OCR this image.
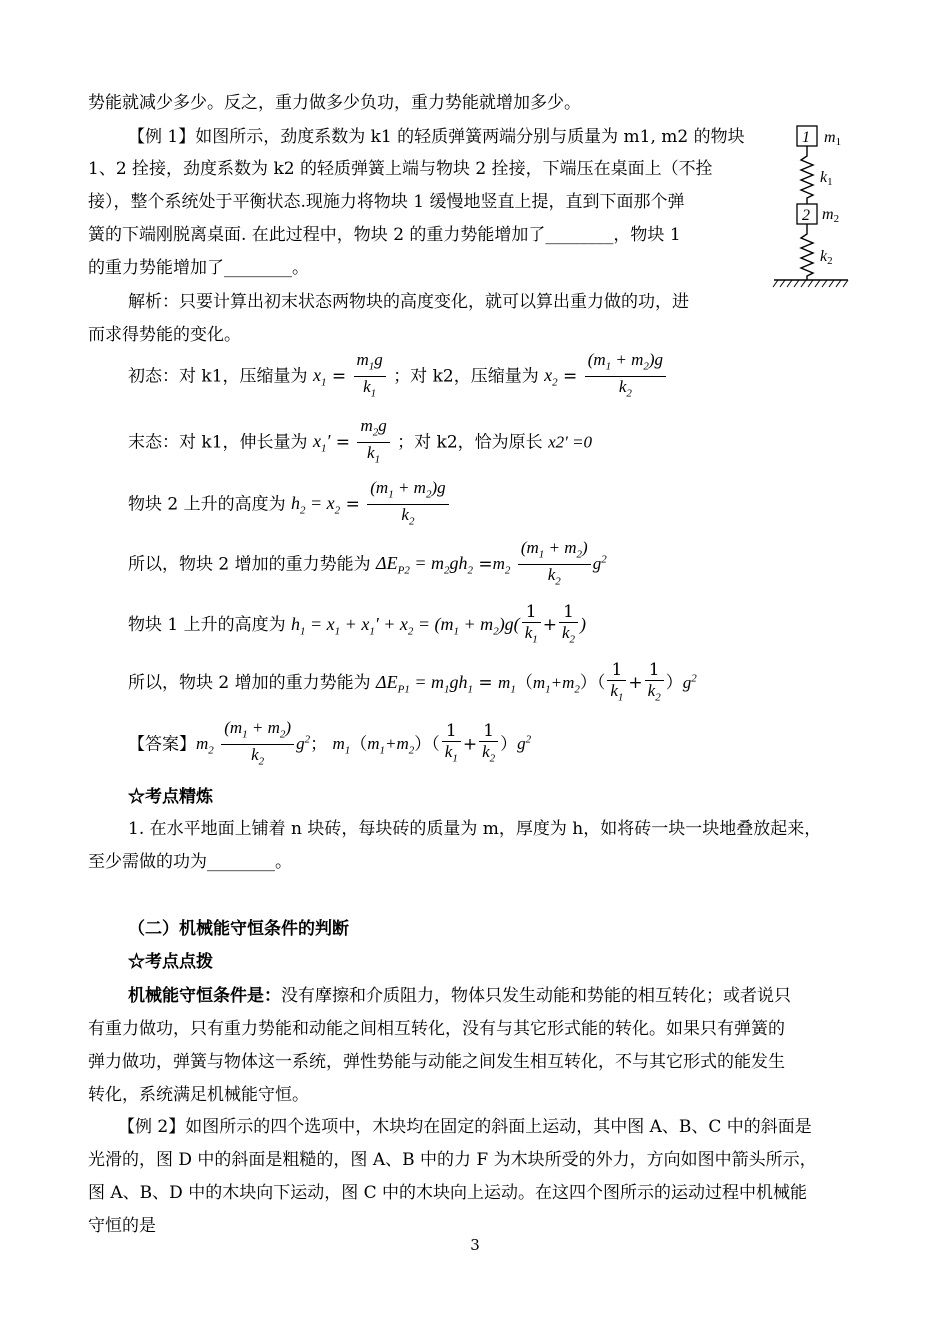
势能就减少多少。反之，重力做多少负功，重力势能就增加多少。
【例 1】如图所示，劲度系数为 k1 的轻质弹簧两端分别与质量为 m1, m2 的物块
1、2 拴接，劲度系数为 k2 的轻质弹簧上端与物块 2 拴接，下端压在桌面上（不拴
接），整个系统处于平衡状态.现施力将物块 1 缓慢地竖直上提，直到下面那个弹
簧的下端刚脱离桌面. 在此过程中，物块 2 的重力势能增加了________，物块 1
的重力势能增加了________。
1 m1
k1
2 m2
k2
解析：只要计算出初末状态两物块的高度变化，就可以算出重力做的功，进
而求得势能的变化。
初态：对 k1，压缩量为 $x_1 = \frac{m_1g}{k_1}$ ；对 k2，压缩量为 $x_2 = \frac{(m_1 + m_2)g}{k_2}$
末态：对 k1，伸长量为 $x_1' = \frac{m_2g}{k_1}$ ；对 k2，恰为原长 x2′ =0
物块 2 上升的高度为 $h_2 = x_2 = \frac{(m_1 + m_2)g}{k_2}$
所以，物块 2 增加的重力势能为 $\Delta E_{P2} = m_2gh_2 =m_2 \frac{(m_1 + m_2)}{k_2} g^2$
物块 1 上升的高度为 $h_1 = x_1 + x_1' + x_2 = (m_1 + m_2)g( \frac{1}{k_1} + \frac{1}{k_2}$ )
所以，物块 2 增加的重力势能为 $\Delta E_{P1} = m_1gh_1 = m_1(m_1+m_2)( \frac{1}{k_1} + \frac{1}{k_2} )g^2$
【答案】$m_2 \frac{(m_1 + m_2)}{k_2} g^2$； $m_1(m_1+m_2)( \frac{1}{k_1} + \frac{1}{k_2} )g^2$
☆考点精炼
1. 在水平地面上铺着 n 块砖，每块砖的质量为 m，厚度为 h，如将砖一块一块地叠放起来，
至少需做的功为________。
（二）机械能守恒条件的判断
☆考点点拨
机械能守恒条件是：没有摩擦和介质阻力，物体只发生动能和势能的相互转化；或者说只
有重力做功，只有重力势能和动能之间相互转化，没有与其它形式能的转化。如果只有弹簧的
弹力做功，弹簧与物体这一系统，弹性势能与动能之间发生相互转化，不与其它形式的能发生
转化，系统满足机械能守恒。
【例 2】如图所示的四个选项中，木块均在固定的斜面上运动，其中图 A、B、C 中的斜面是
光滑的，图 D 中的斜面是粗糙的，图 A、B 中的力 F 为木块所受的外力，方向如图中箭头所示，
图 A、B、D 中的木块向下运动，图 C 中的木块向上运动。在这四个图所示的运动过程中机械能
守恒的是
3
